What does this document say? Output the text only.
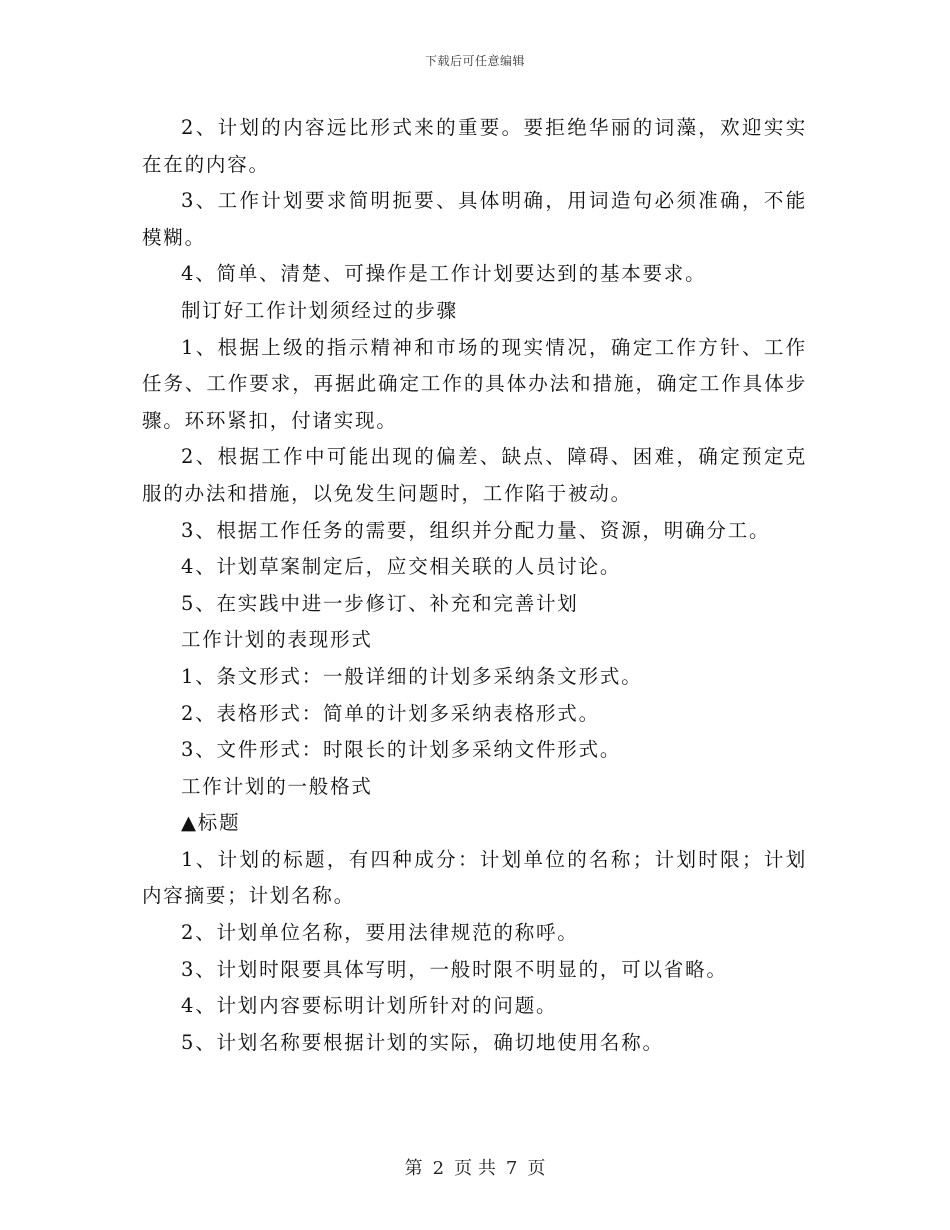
下载后可任意编辑

2、计划的内容远比形式来的重要。要拒绝华丽的词藻，欢迎实实在在的内容。

3、工作计划要求简明扼要、具体明确，用词造句必须准确，不能模糊。

4、简单、清楚、可操作是工作计划要达到的基本要求。

制订好工作计划须经过的步骤

1、根据上级的指示精神和市场的现实情况，确定工作方针、工作任务、工作要求，再据此确定工作的具体办法和措施，确定工作具体步骤。环环紧扣，付诸实现。

2、根据工作中可能出现的偏差、缺点、障碍、困难，确定预定克服的办法和措施，以免发生问题时，工作陷于被动。

3、根据工作任务的需要，组织并分配力量、资源，明确分工。

4、计划草案制定后，应交相关联的人员讨论。

5、在实践中进一步修订、补充和完善计划

工作计划的表现形式

1、条文形式：一般详细的计划多采纳条文形式。

2、表格形式：简单的计划多采纳表格形式。

3、文件形式：时限长的计划多采纳文件形式。

工作计划的一般格式

▲标题

1、计划的标题，有四种成分：计划单位的名称；计划时限；计划内容摘要；计划名称。

2、计划单位名称，要用法律规范的称呼。

3、计划时限要具体写明，一般时限不明显的，可以省略。

4、计划内容要标明计划所针对的问题。

5、计划名称要根据计划的实际，确切地使用名称。

第 2 页 共 7 页
